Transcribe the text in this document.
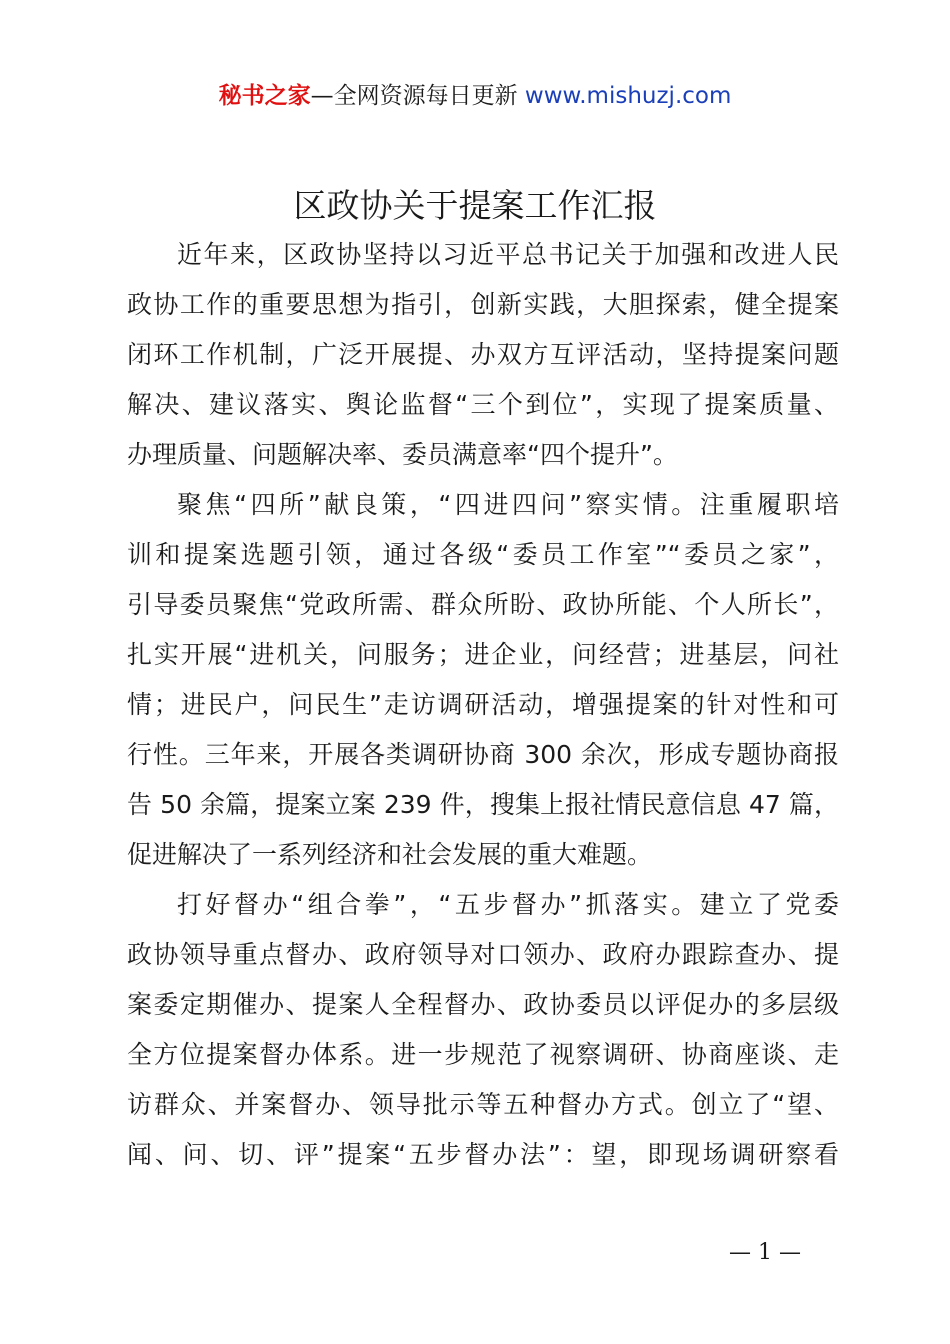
秘书之家—全网资源每日更新 www.mishuzj.com
区政协关于提案工作汇报
近年来，区政协坚持以习近平总书记关于加强和改进人民
政协工作的重要思想为指引，创新实践，大胆探索，健全提案
闭环工作机制，广泛开展提、办双方互评活动，坚持提案问题
解决、建议落实、舆论监督“三个到位”，实现了提案质量、
办理质量、问题解决率、委员满意率“四个提升”。
聚焦“四所”献良策，“四进四问”察实情。注重履职培
训和提案选题引领，通过各级“委员工作室”“委员之家”，
引导委员聚焦“党政所需、群众所盼、政协所能、个人所长”，
扎实开展“进机关，问服务；进企业，问经营；进基层，问社
情；进民户，问民生”走访调研活动，增强提案的针对性和可
行性。三年来，开展各类调研协商 300 余次，形成专题协商报
告 50 余篇，提案立案 239 件，搜集上报社情民意信息 47 篇，
促进解决了一系列经济和社会发展的重大难题。
打好督办“组合拳”，“五步督办”抓落实。建立了党委
政协领导重点督办、政府领导对口领办、政府办跟踪查办、提
案委定期催办、提案人全程督办、政协委员以评促办的多层级
全方位提案督办体系。进一步规范了视察调研、协商座谈、走
访群众、并案督办、领导批示等五种督办方式。创立了“望、
闻、问、切、评”提案“五步督办法”：望，即现场调研察看
— 1 —
